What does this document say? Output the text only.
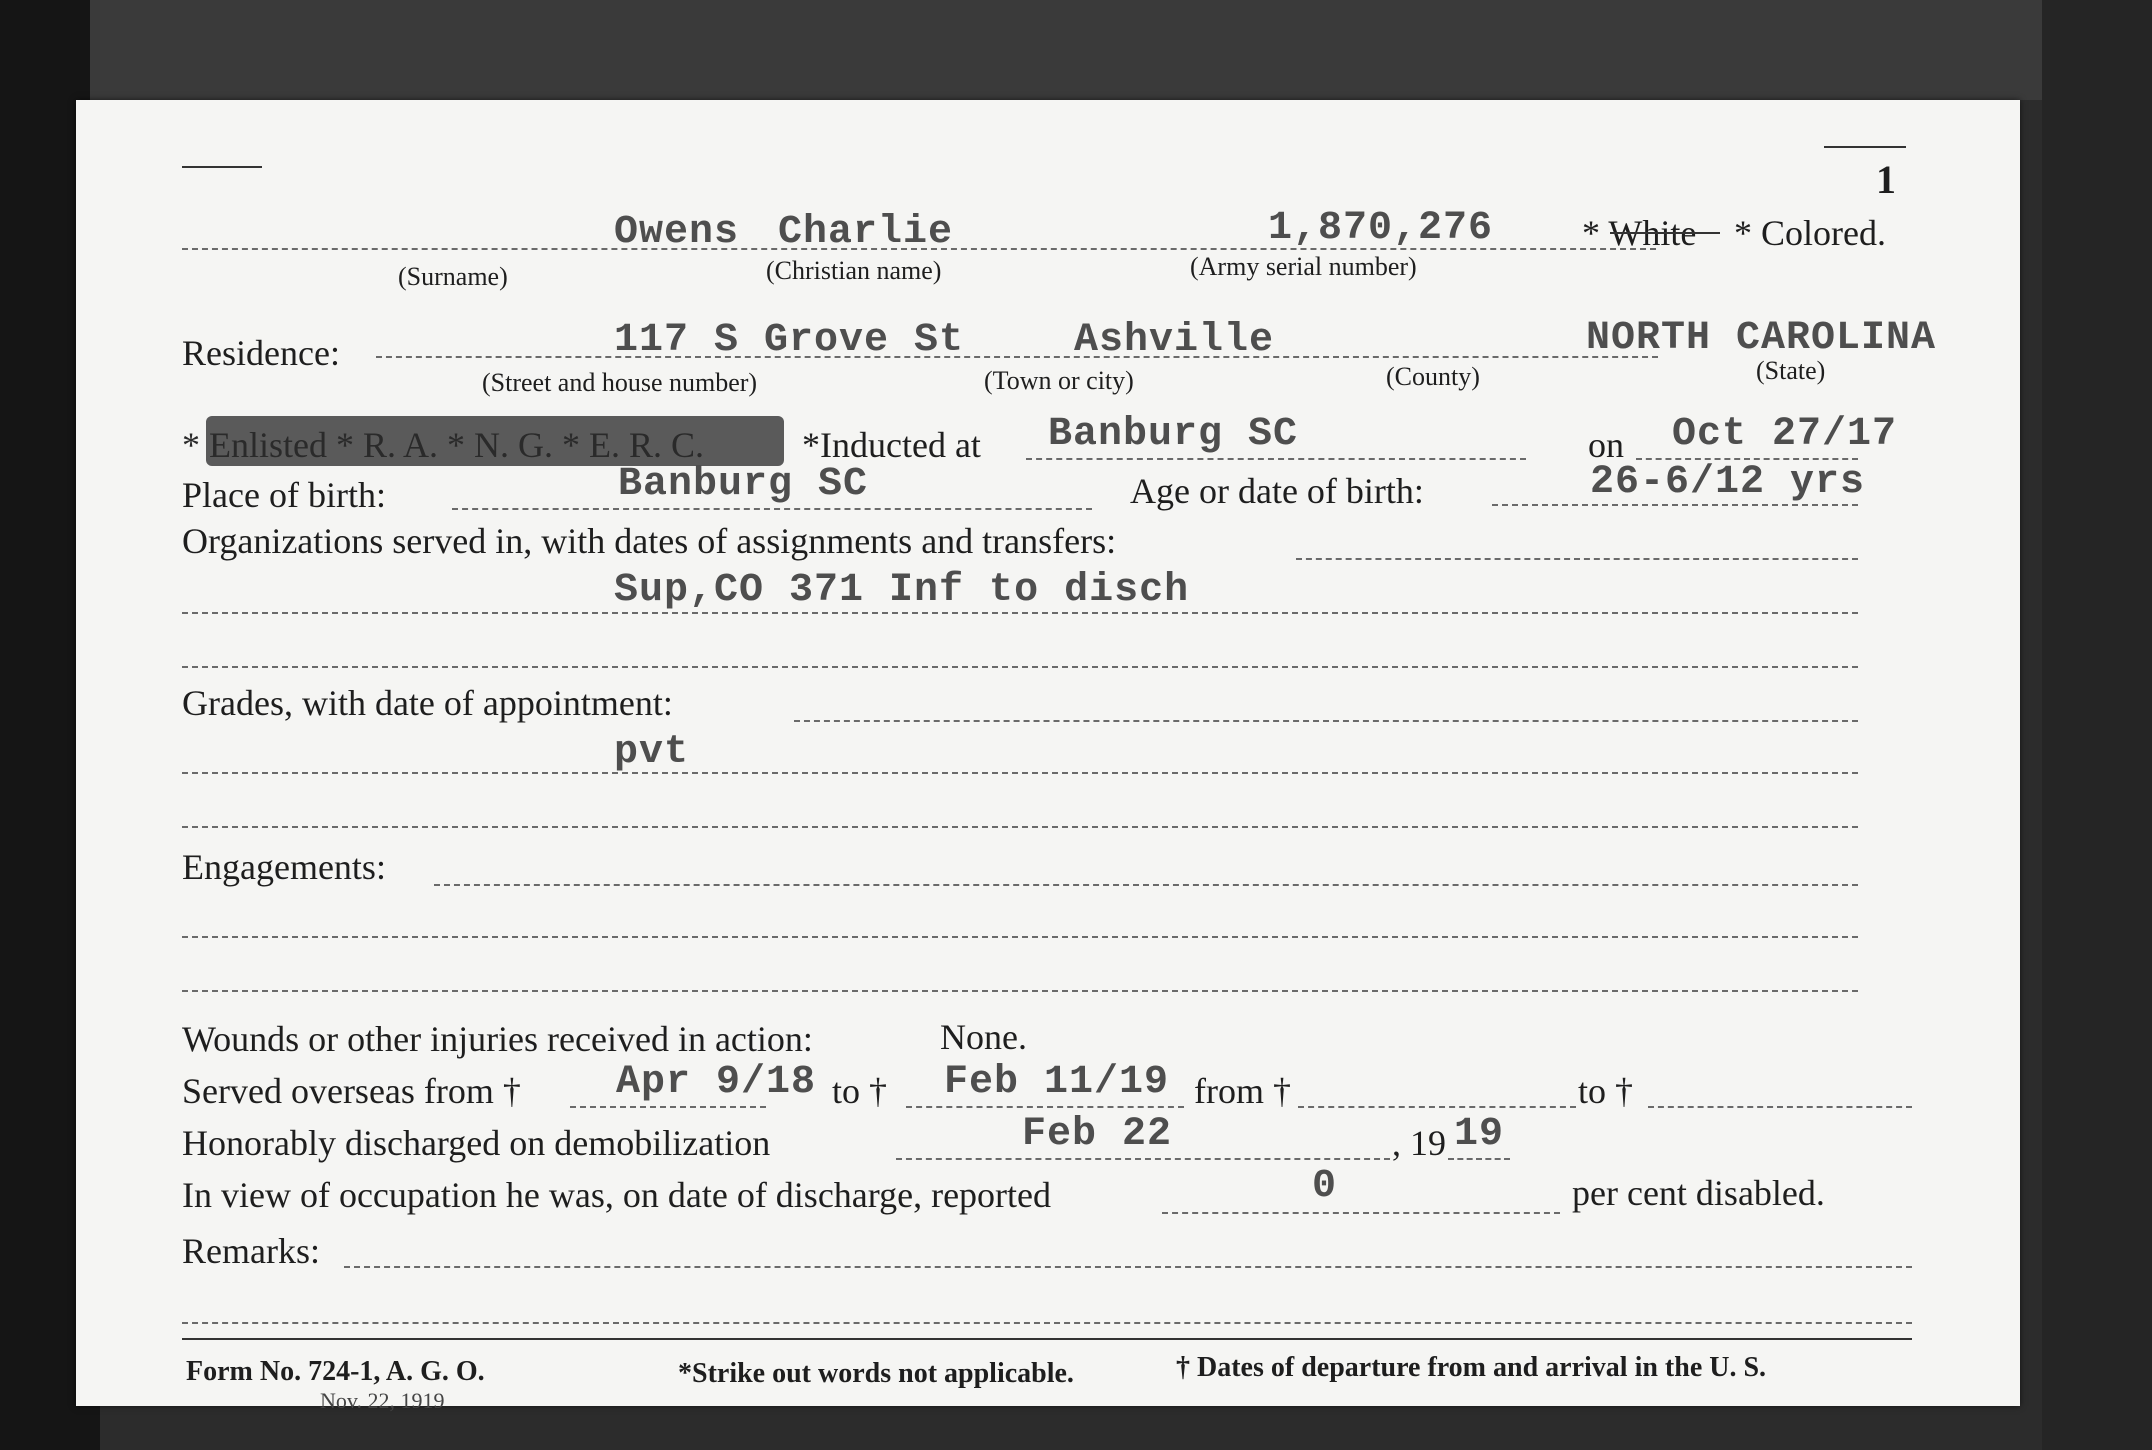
1
Owens Charlie	1,870,276 * White * Colored.
(Surname)	(Christian name)	(Army serial number)
Residence:	117 S Grove St	Ashville	NORTH CAROLINA
(Street and house number)	(Town or city)	(County)	(State)
* Enlisted * R. A. * N. G. * E. R. C.	*Inducted at Banburg SC	on Oct 27/17
Place of birth:	Banburg SC	Age or date of birth:	26-6/12 yrs
Organizations served in, with dates of assignments and transfers:
Sup,CO 371 Inf to disch
Grades, with date of appointment:
pvt
Engagements:
Wounds or other injuries received in action:	None.
Served overseas from † Apr 9/18 to † Feb 11/19 from †	to †
Honorably discharged on demobilization	Feb 22	, 19 19
In view of occupation he was, on date of discharge, reported	0	per cent disabled.
Remarks:
Form No. 724-1, A. G. O.
Nov. 22, 1919
*Strike out words not applicable.	† Dates of departure from and arrival in the U. S.
